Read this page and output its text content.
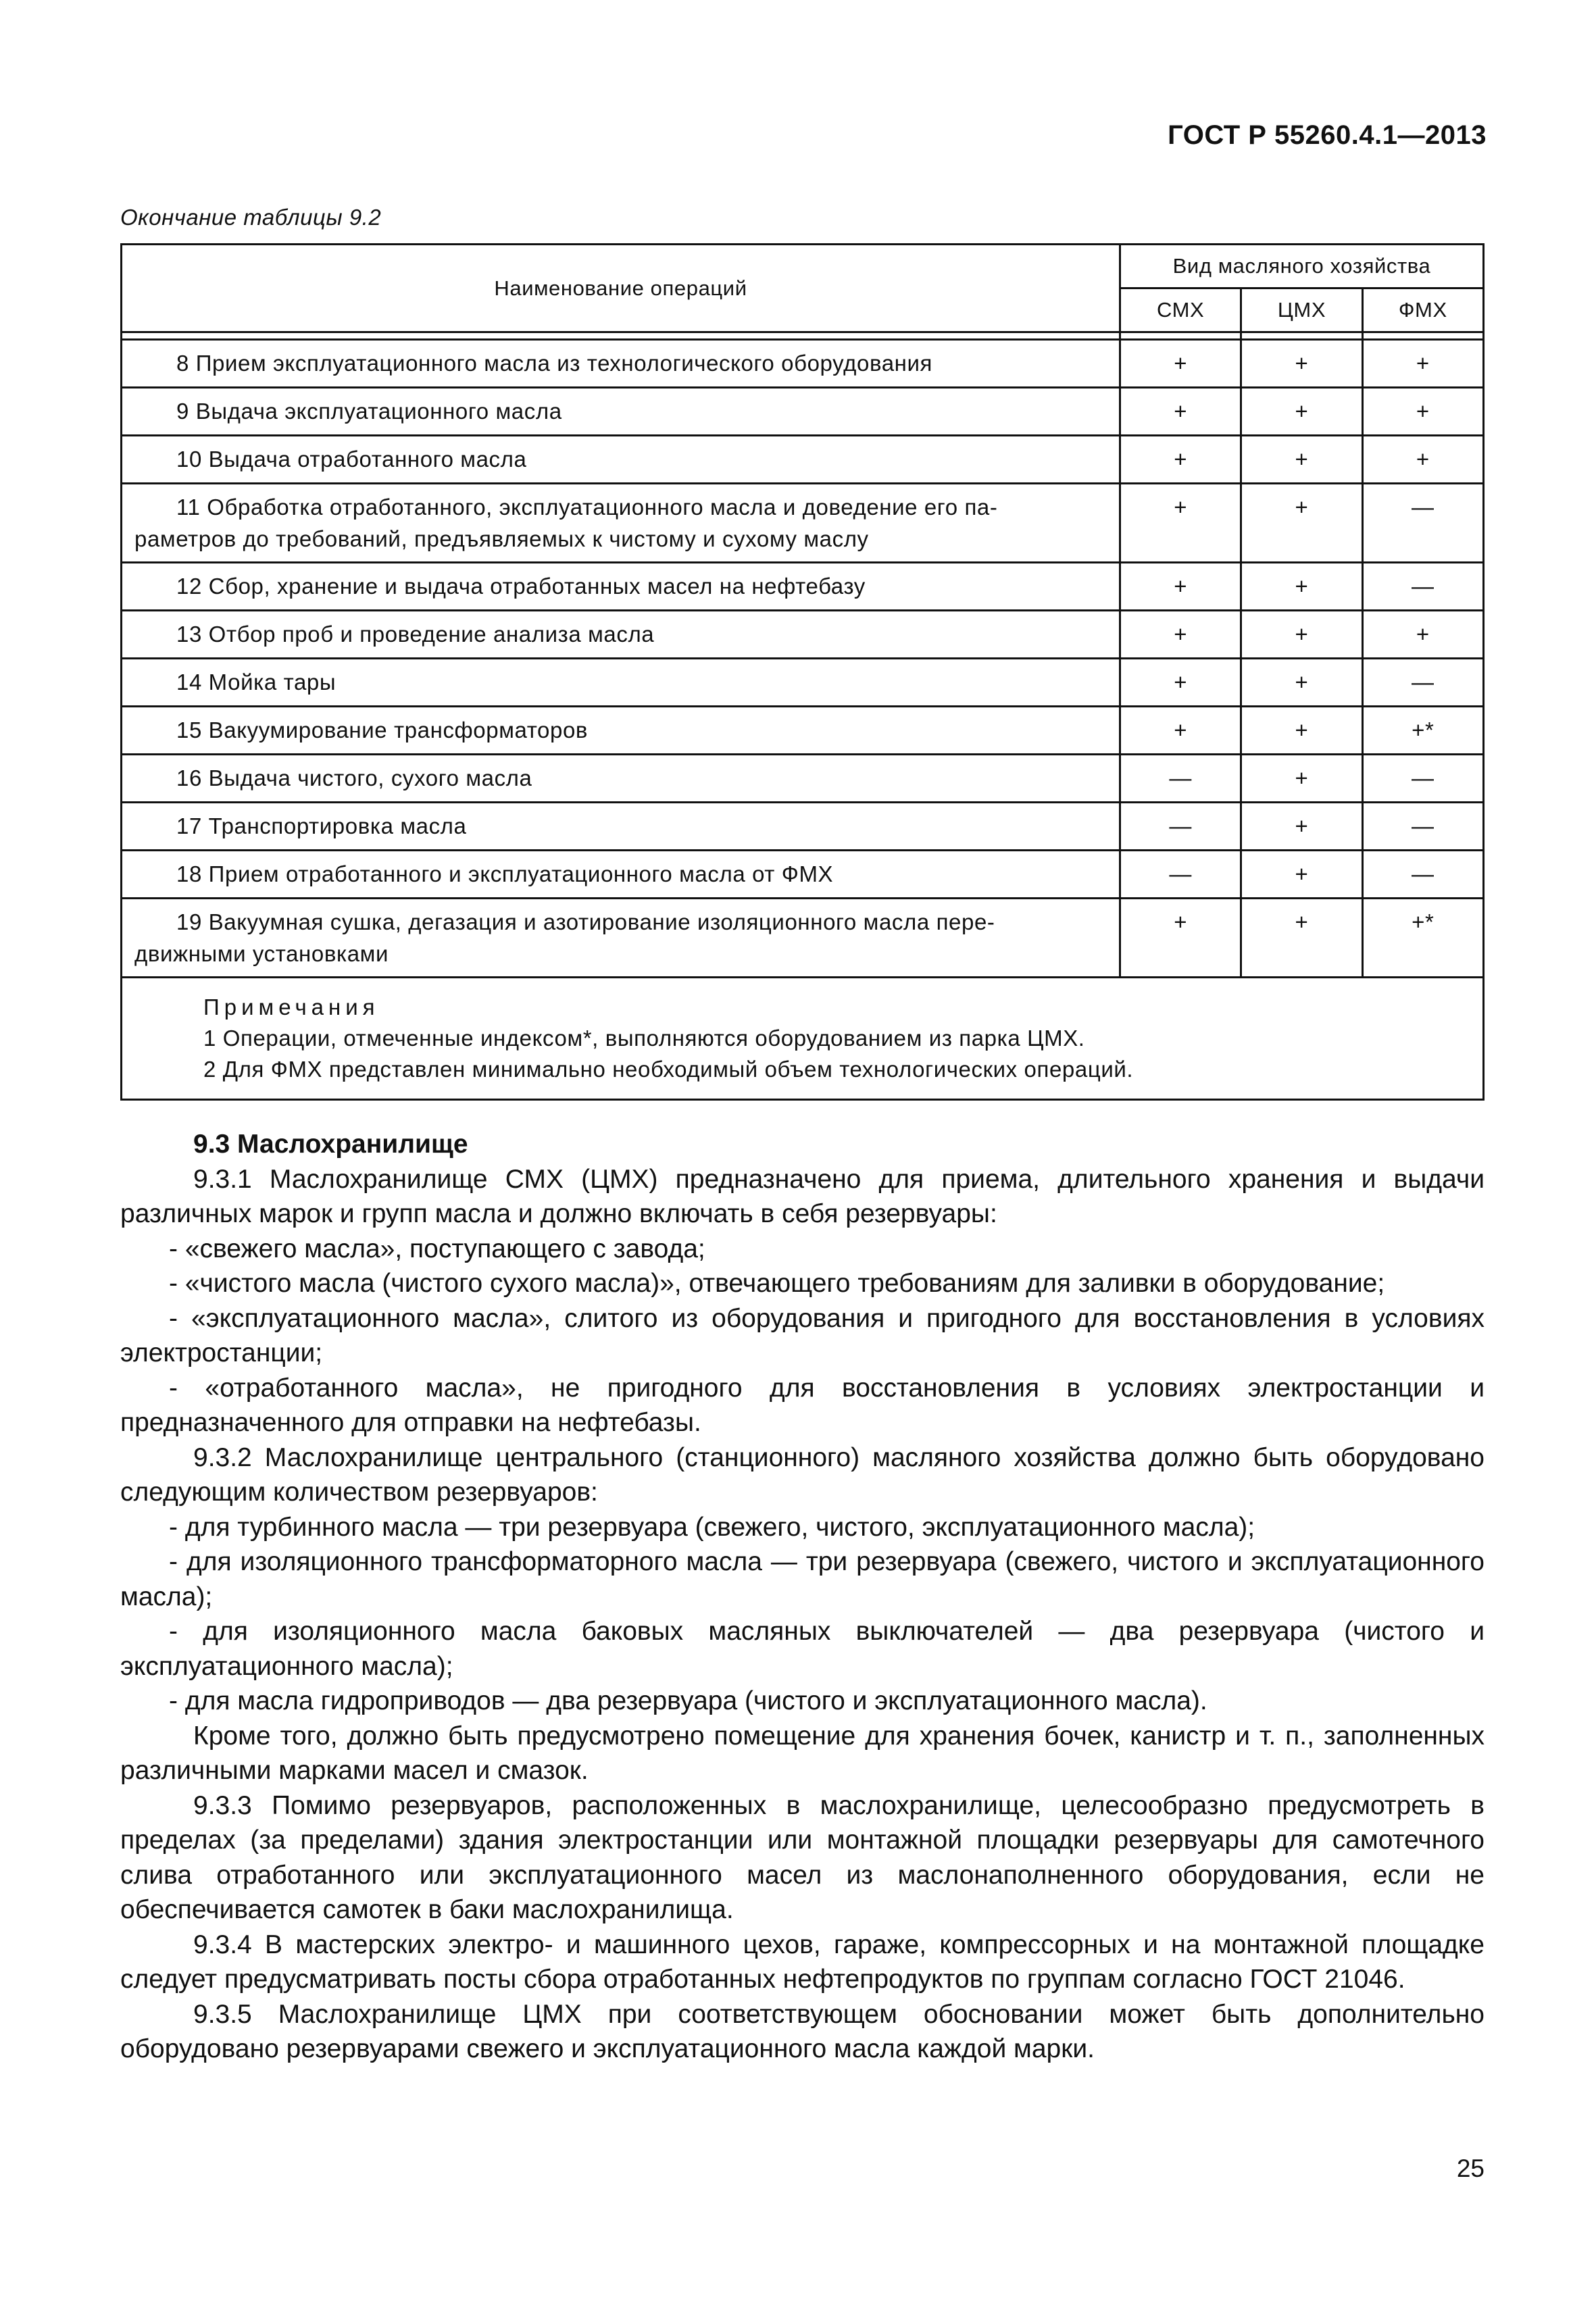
ГОСТ Р 55260.4.1—2013
Окончание таблицы 9.2
Наименование операций	Вид масляного хозяйства		
	СМХ	ЦМХ	ФМХ

8 Прием эксплуатационного масла из технологического оборудования	+	+	+

9 Выдача эксплуатационного масла	+	+	+

10 Выдача отработанного масла	+	+	+

11 Обработка отработанного, эксплуатационного масла и доведение его па-
раметров до требований, предъявляемых к чистому и сухому маслу	+	+	—

12 Сбор, хранение и выдача отработанных масел на нефтебазу	+	+	—

13 Отбор проб и проведение анализа масла	+	+	+

14 Мойка тары	+	+	—

15 Вакуумирование трансформаторов	+	+	+*

16 Выдача чистого, сухого масла	—	+	—

17 Транспортировка масла	—	+	—

18 Прием отработанного и эксплуатационного масла от ФМХ	—	+	—

19 Вакуумная сушка, дегазация и азотирование изоляционного масла пере-
движными установками	+	+	+*

Примечания
1 Операции, отмеченные индексом*, выполняются оборудованием из парка ЦМХ.
2 Для ФМХ представлен минимально необходимый объем технологических операций.			

9.3 Маслохранилище

9.3.1 Маслохранилище СМХ (ЦМХ) предназначено для приема, длительного хранения и выдачи различных марок и групп масла и должно включать в себя резервуары:

- «свежего масла», поступающего с завода;

- «чистого масла (чистого сухого масла)», отвечающего требованиям для заливки в оборудование;

- «эксплуатационного масла», слитого из оборудования и пригодного для восстановления в условиях электростанции;

- «отработанного масла», не пригодного для восстановления в условиях электростанции и предназначенного для отправки на нефтебазы.

9.3.2 Маслохранилище центрального (станционного) масляного хозяйства должно быть оборудовано следующим количеством резервуаров:

- для турбинного масла — три резервуара (свежего, чистого, эксплуатационного масла);

- для изоляционного трансформаторного масла — три резервуара (свежего, чистого и эксплуатационного масла);

- для изоляционного масла баковых масляных выключателей — два резервуара (чистого и эксплуатационного масла);

- для масла гидроприводов — два резервуара (чистого и эксплуатационного масла).

Кроме того, должно быть предусмотрено помещение для хранения бочек, канистр и т. п., заполненных различными марками масел и смазок.

9.3.3 Помимо резервуаров, расположенных в маслохранилище, целесообразно предусмотреть в пределах (за пределами) здания электростанции или монтажной площадки резервуары для самотечного слива отработанного или эксплуатационного масел из маслонаполненного оборудования, если не обеспечивается самотек в баки маслохранилища.

9.3.4 В мастерских электро- и машинного цехов, гараже, компрессорных и на монтажной площадке следует предусматривать посты сбора отработанных нефтепродуктов по группам согласно ГОСТ 21046.

9.3.5 Маслохранилище ЦМХ при соответствующем обосновании может быть дополнительно оборудовано резервуарами свежего и эксплуатационного масла каждой марки.

25
